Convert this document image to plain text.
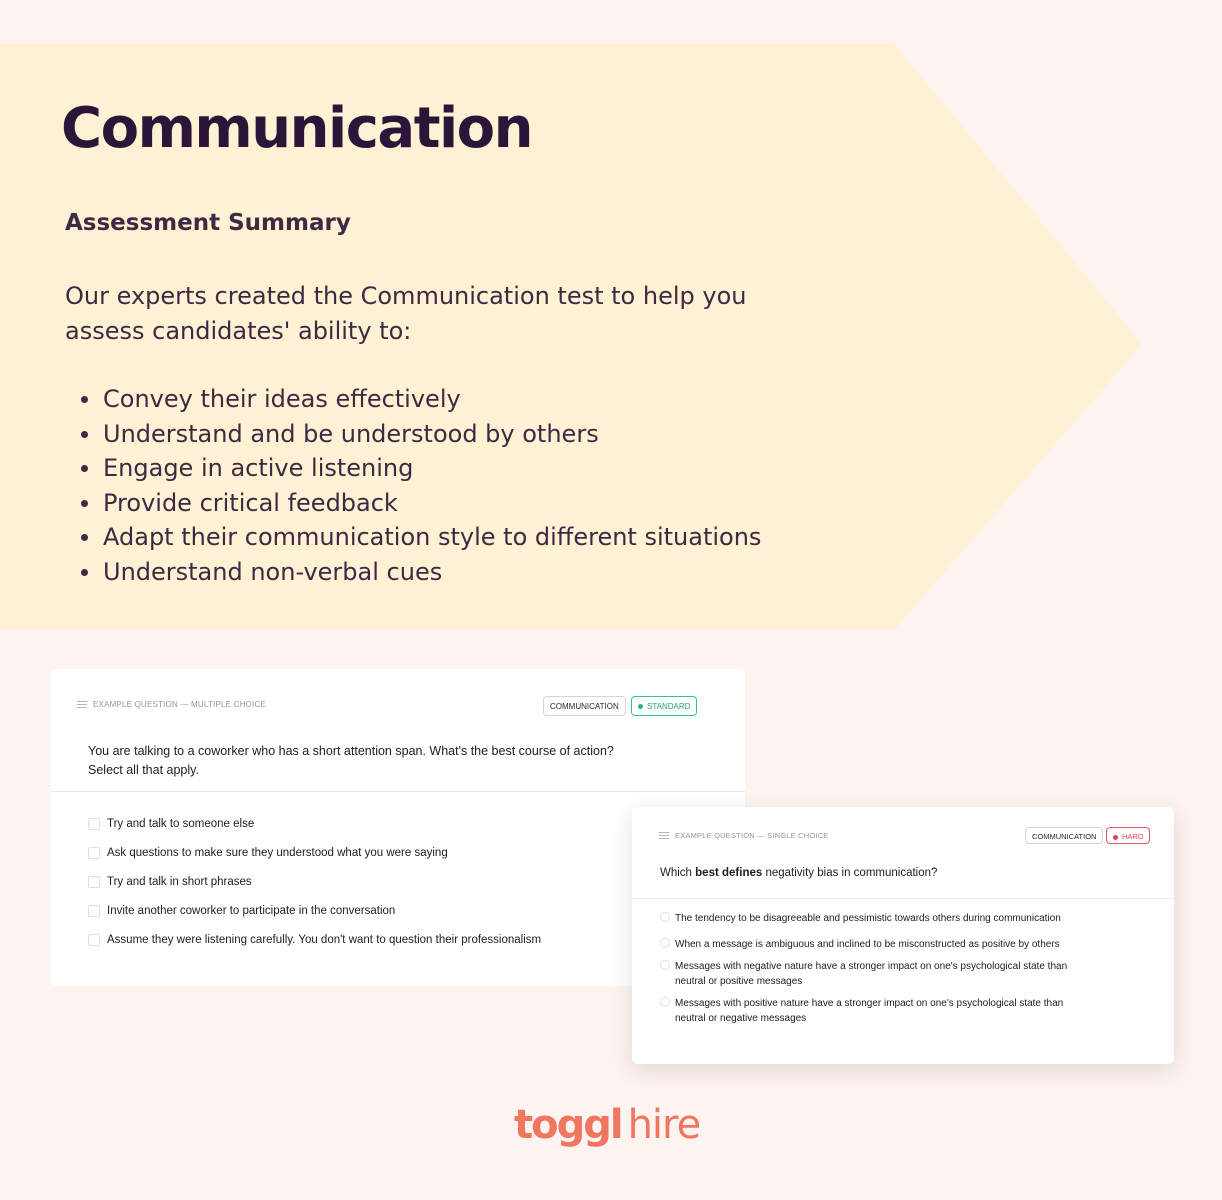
Communication
Assessment Summary

Our experts created the Communication test to help you assess candidates' ability to:

Convey their ideas effectively
Understand and be understood by others
Engage in active listening
Provide critical feedback
Adapt their communication style to different situations
Understand non-verbal cues
EXAMPLE QUESTION — MULTIPLE CHOICE	COMMUNICATION	STANDARD
You are talking to a coworker who has a short attention span. What's the best course of action?
Select all that apply.
Try and talk to someone else
Ask questions to make sure they understood what you were saying
Try and talk in short phrases
Invite another coworker to participate in the conversation
Assume they were listening carefully. You don't want to question their professionalism
EXAMPLE QUESTION — SINGLE CHOICE	COMMUNICATION	HARD
Which best defines negativity bias in communication?
The tendency to be disagreeable and pessimistic towards others during communication
When a message is ambiguous and inclined to be misconstructed as positive by others
Messages with negative nature have a stronger impact on one's psychological state than neutral or positive messages
Messages with positive nature have a stronger impact on one's psychological state than neutral or negative messages
toggl hire
